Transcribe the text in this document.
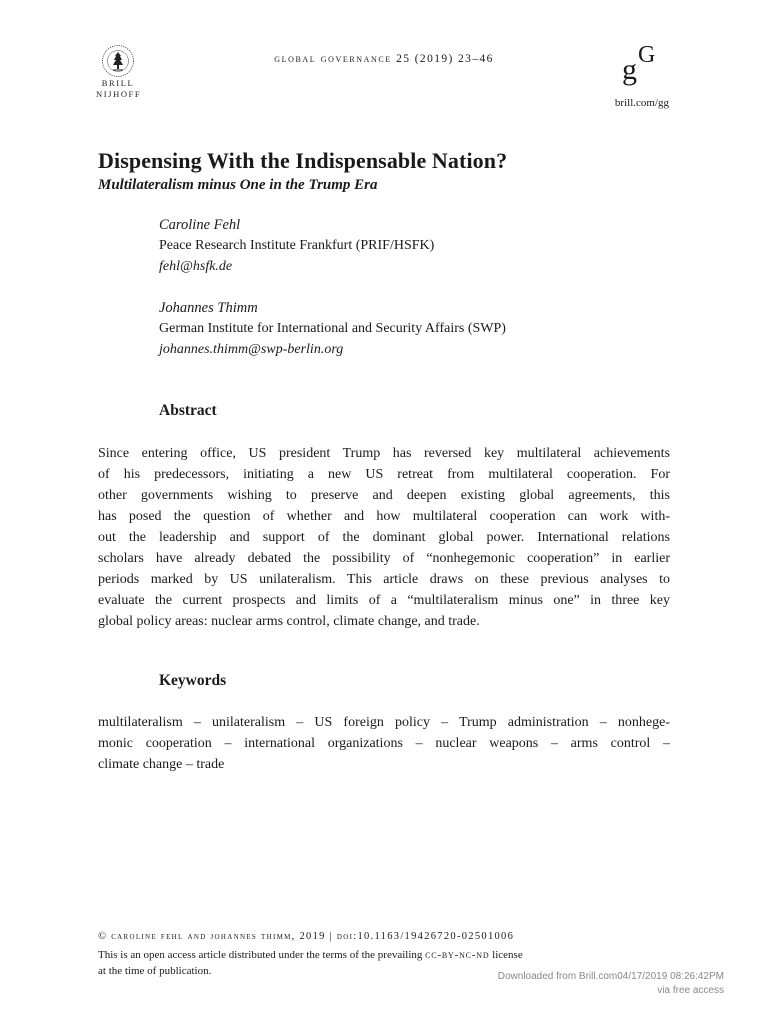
BRILL
NIJHOFF
global governance 25 (2019) 23–46	g G
brill.com/gg
Dispensing With the Indispensable Nation?
Multilateralism minus One in the Trump Era
Caroline Fehl
Peace Research Institute Frankfurt (PRIF/HSFK)
fehl@hsfk.de
Johannes Thimm
German Institute for International and Security Affairs (SWP)
johannes.thimm@swp-berlin.org
Abstract
Since entering office, US president Trump has reversed key multilateral achievements
of his predecessors, initiating a new US retreat from multilateral cooperation. For
other governments wishing to preserve and deepen existing global agreements, this
has posed the question of whether and how multilateral cooperation can work with-
out the leadership and support of the dominant global power. International relations
scholars have already debated the possibility of “nonhegemonic cooperation” in earlier
periods marked by US unilateralism. This article draws on these previous analyses to
evaluate the current prospects and limits of a “multilateralism minus one” in three key
global policy areas: nuclear arms control, climate change, and trade.
Keywords
multilateralism – unilateralism – US foreign policy – Trump administration – nonhege-
monic cooperation – international organizations – nuclear weapons – arms control –
climate change – trade
© caroline fehl and johannes thimm, 2019 | doi:10.1163/19426720-02501006
This is an open access article distributed under the terms of the prevailing cc-by-nc-nd license
at the time of publication.	Downloaded from Brill.com04/17/2019 08:26:42PM
via free access
